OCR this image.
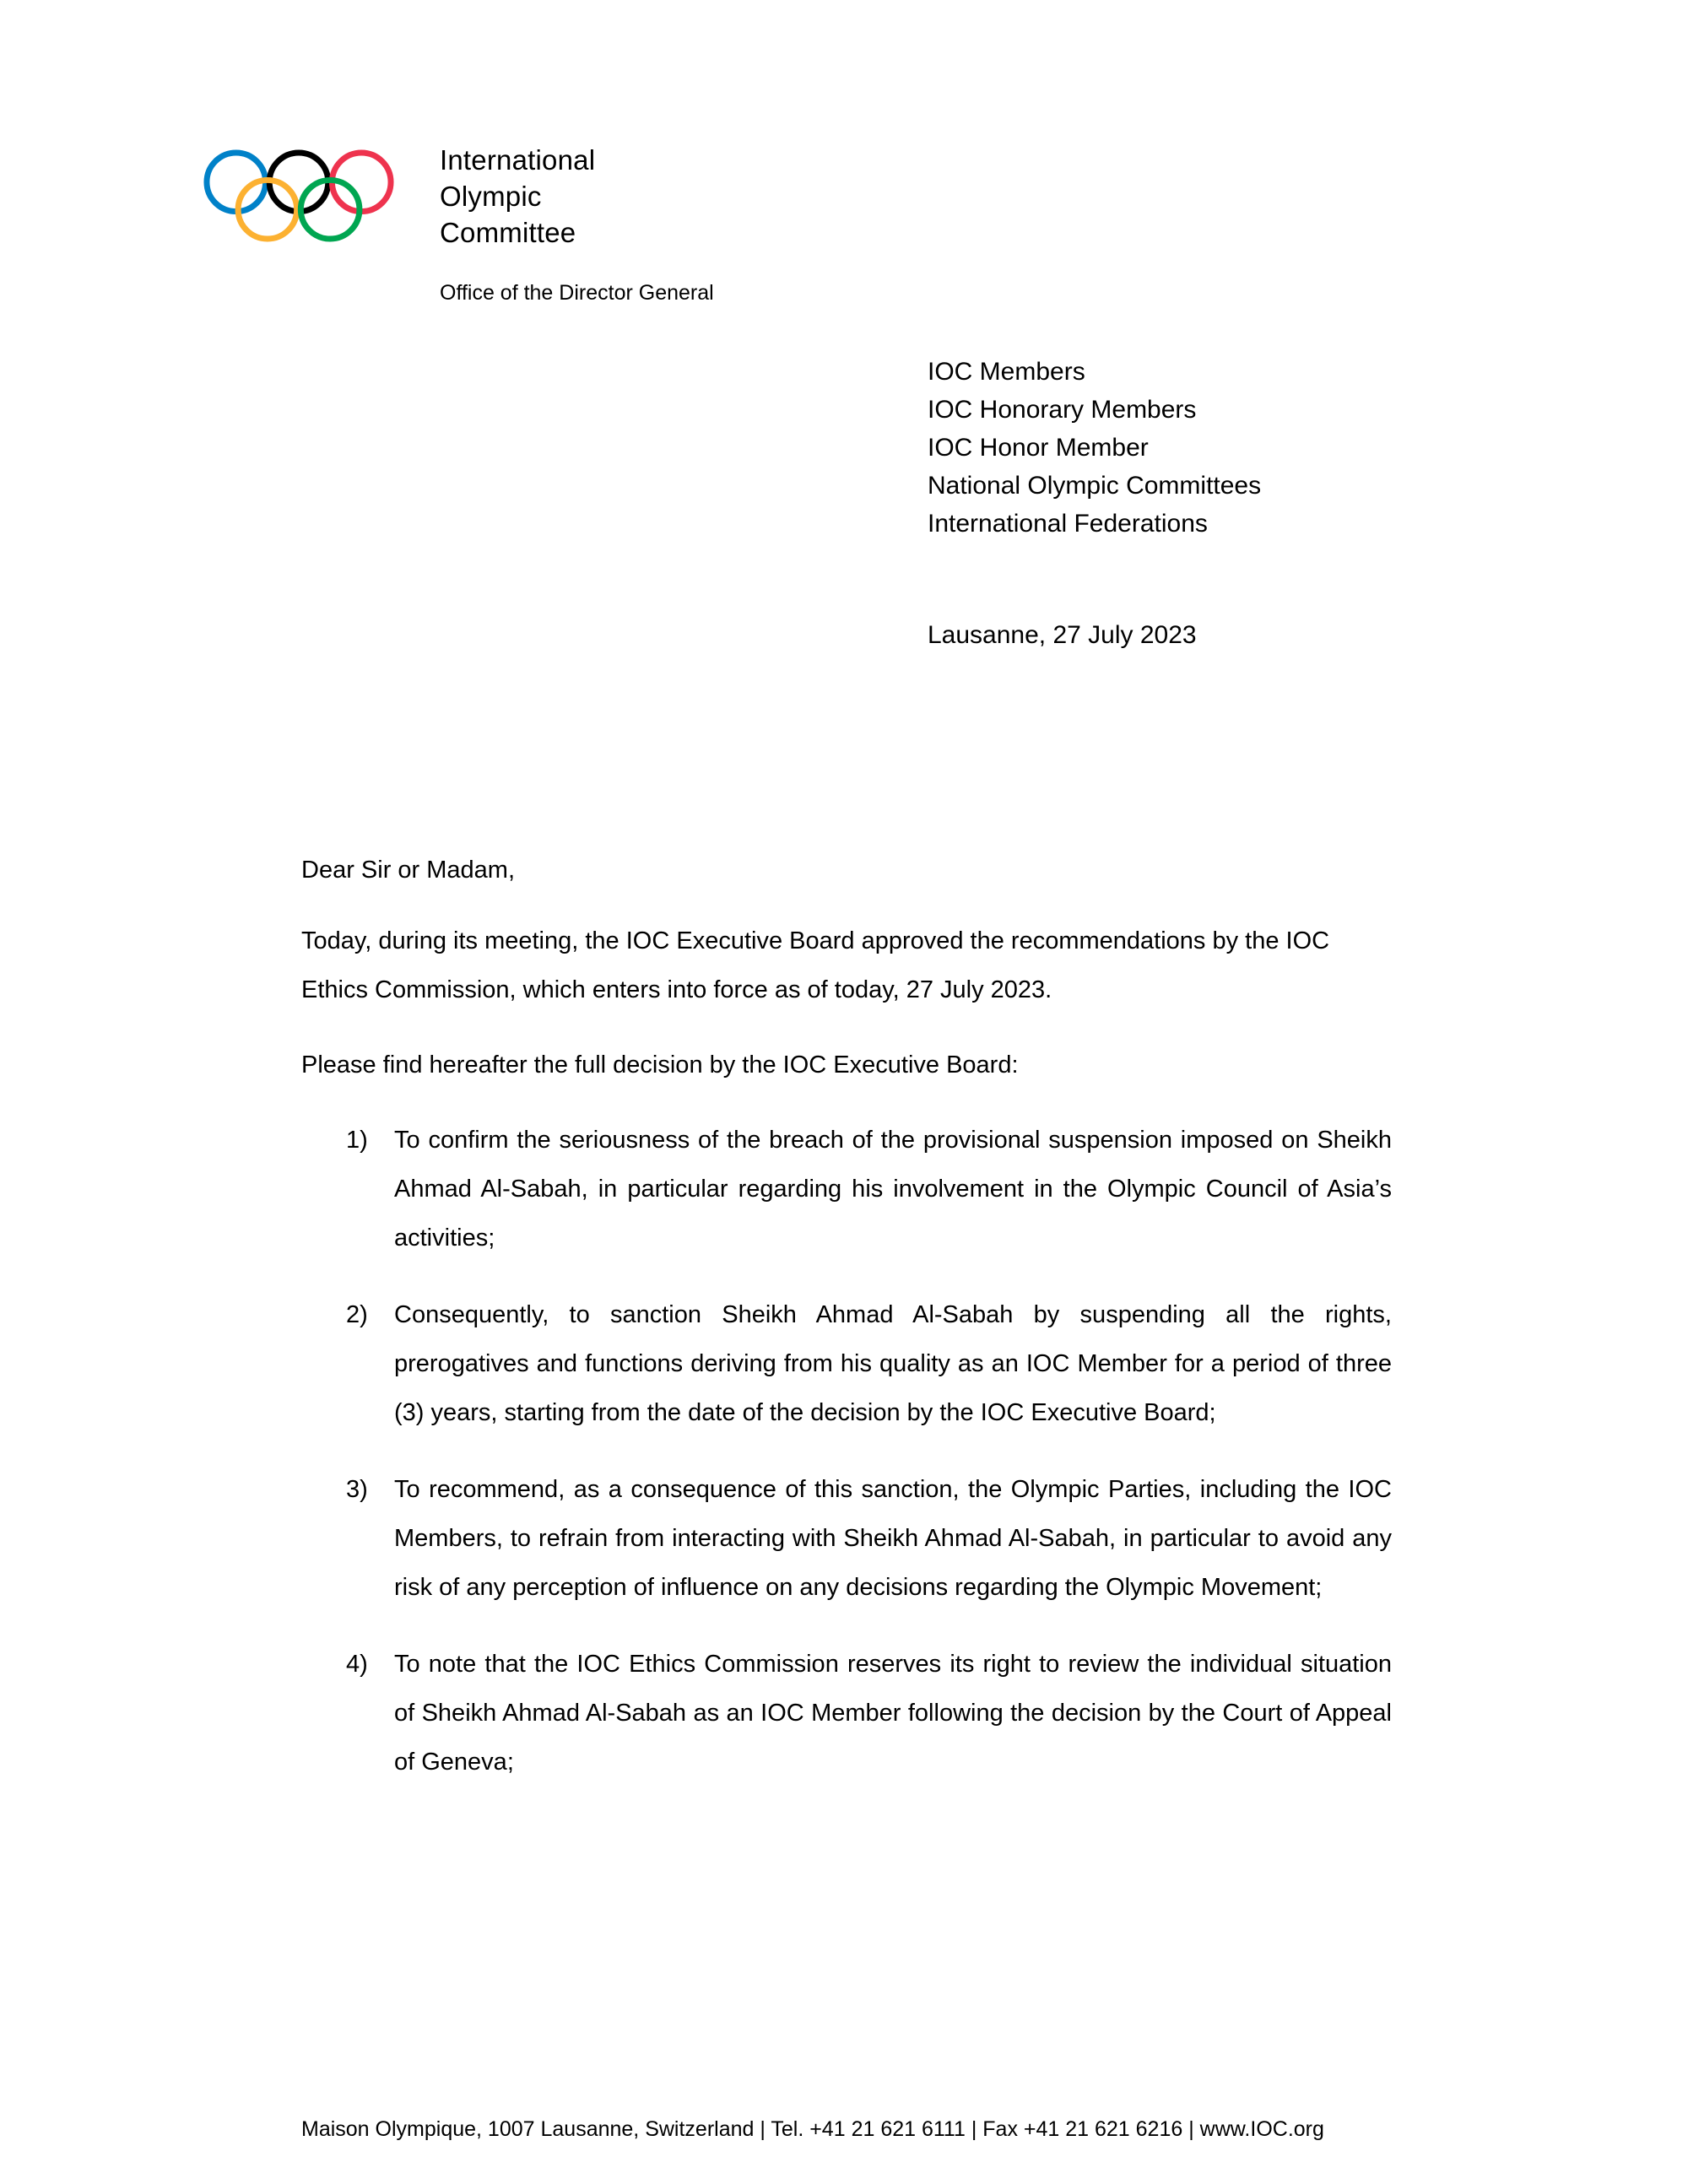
International
Olympic
Committee
Office of the Director General
IOC Members
IOC Honorary Members
IOC Honor Member
National Olympic Committees
International Federations
Lausanne, 27 July 2023
Dear Sir or Madam,

Today, during its meeting, the IOC Executive Board approved the recommendations by the IOC Ethics Commission, which enters into force as of today, 27 July 2023.

Please find hereafter the full decision by the IOC Executive Board:

1) To confirm the seriousness of the breach of the provisional suspension imposed on Sheikh Ahmad Al-Sabah, in particular regarding his involvement in the Olympic Council of Asia’s activities;
2) Consequently, to sanction Sheikh Ahmad Al-Sabah by suspending all the rights, prerogatives and functions deriving from his quality as an IOC Member for a period of three (3) years, starting from the date of the decision by the IOC Executive Board;
3) To recommend, as a consequence of this sanction, the Olympic Parties, including the IOC Members, to refrain from interacting with Sheikh Ahmad Al-Sabah, in particular to avoid any risk of any perception of influence on any decisions regarding the Olympic Movement;
4) To note that the IOC Ethics Commission reserves its right to review the individual situation of Sheikh Ahmad Al-Sabah as an IOC Member following the decision by the Court of Appeal of Geneva;
Maison Olympique, 1007 Lausanne, Switzerland | Tel. +41 21 621 6111 | Fax +41 21 621 6216 | www.IOC.org
